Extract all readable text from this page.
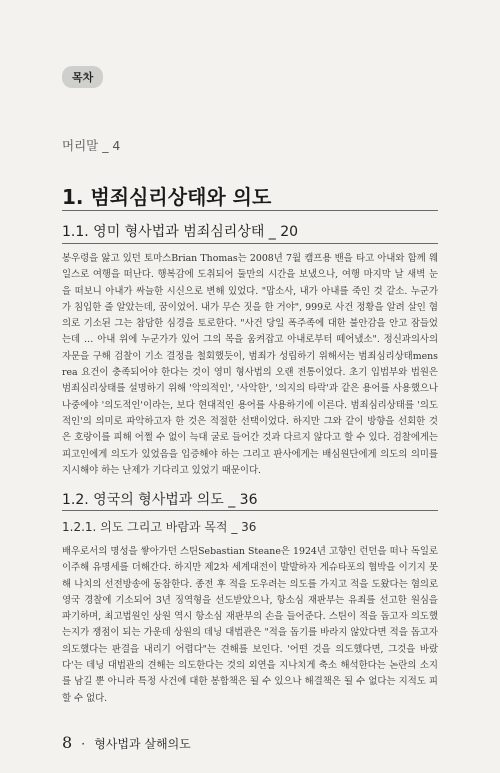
목차
머리말 _ 4
1. 범죄심리상태와 의도
1.1. 영미 형사법과 범죄심리상태 _ 20

봉우령을 앓고 있던 토마스Brian Thomas는 2008년 7월 캠프용 밴을 타고 아내와 함께 웨일스로 여행을 떠난다. 행복감에 도취되어 둘만의 시간을 보냈으나, 여행 마지막 날 새벽 눈을 떠보니 아내가 싸늘한 시신으로 변해 있었다. "맙소사, 내가 아내를 죽인 것 같소. 누군가가 침입한 줄 알았는데, 꿈이었어. 내가 무슨 짓을 한 거야", 999로 사건 정황을 알려 살인 혐의로 기소된 그는 참담한 심경을 토로한다. "사건 당일 폭주족에 대한 불안감을 안고 잠들었는데 … 아내 위에 누군가가 있어 그의 목을 움켜잡고 아내로부터 떼어냈소". 정신과의사의 자문을 구해 검찰이 기소 결정을 철회했듯이, 범죄가 성립하기 위해서는 범죄심리상태mens rea 요건이 충족되어야 한다는 것이 영미 형사법의 오랜 전통이었다. 초기 입법부와 법원은 범죄심리상태를 설명하기 위해 '악의적인', '사악한', '의지의 타락'과 같은 용어를 사용했으나 나중에야 '의도적인'이라는, 보다 현대적인 용어를 사용하기에 이른다. 범죄심리상태를 '의도적인'의 의미로 파악하고자 한 것은 적절한 선택이었다. 하지만 그와 같이 방향을 선회한 것은 호랑이를 피해 어쩔 수 없이 늑대 굴로 들어간 것과 다르지 않다고 할 수 있다. 검찰에게는 피고인에게 의도가 있었음을 입증해야 하는 그리고 판사에게는 배심원단에게 의도의 의미를 지시해야 하는 난제가 기다리고 있었기 때문이다.

1.2. 영국의 형사법과 의도 _ 36
1.2.1. 의도 그리고 바람과 목적 _ 36

배우로서의 명성을 쌓아가던 스틴Sebastian Steane은 1924년 고향인 런던을 떠나 독일로 이주해 유명세를 더해간다. 하지만 제2차 세계대전이 발발하자 게슈타포의 협박을 이기지 못해 나치의 선전방송에 동참한다. 종전 후 적을 도우려는 의도를 가지고 적을 도왔다는 혐의로 영국 경찰에 기소되어 3년 징역형을 선도받았으나, 항소심 재판부는 유죄를 선고한 원심을 파기하며, 최고법원인 상원 역시 항소심 재판부의 손을 들어준다. 스틴이 적을 돕고자 의도했는지가 쟁점이 되는 가운데 상원의 데닝 대법관은 "적을 돕기를 바라지 않았다면 적을 돕고자 의도했다는 판결을 내리기 어렵다"는 견해를 보인다. '어떤 것을 의도했다면, 그것을 바랐다'는 데닝 대법관의 견해는 의도한다는 것의 외연을 지나치게 축소 해석한다는 논란의 소지를 남길 뿐 아니라 특정 사건에 대한 봉합책은 될 수 있으나 해결책은 될 수 없다는 지적도 피할 수 없다.

8 · 형사법과 살해의도
